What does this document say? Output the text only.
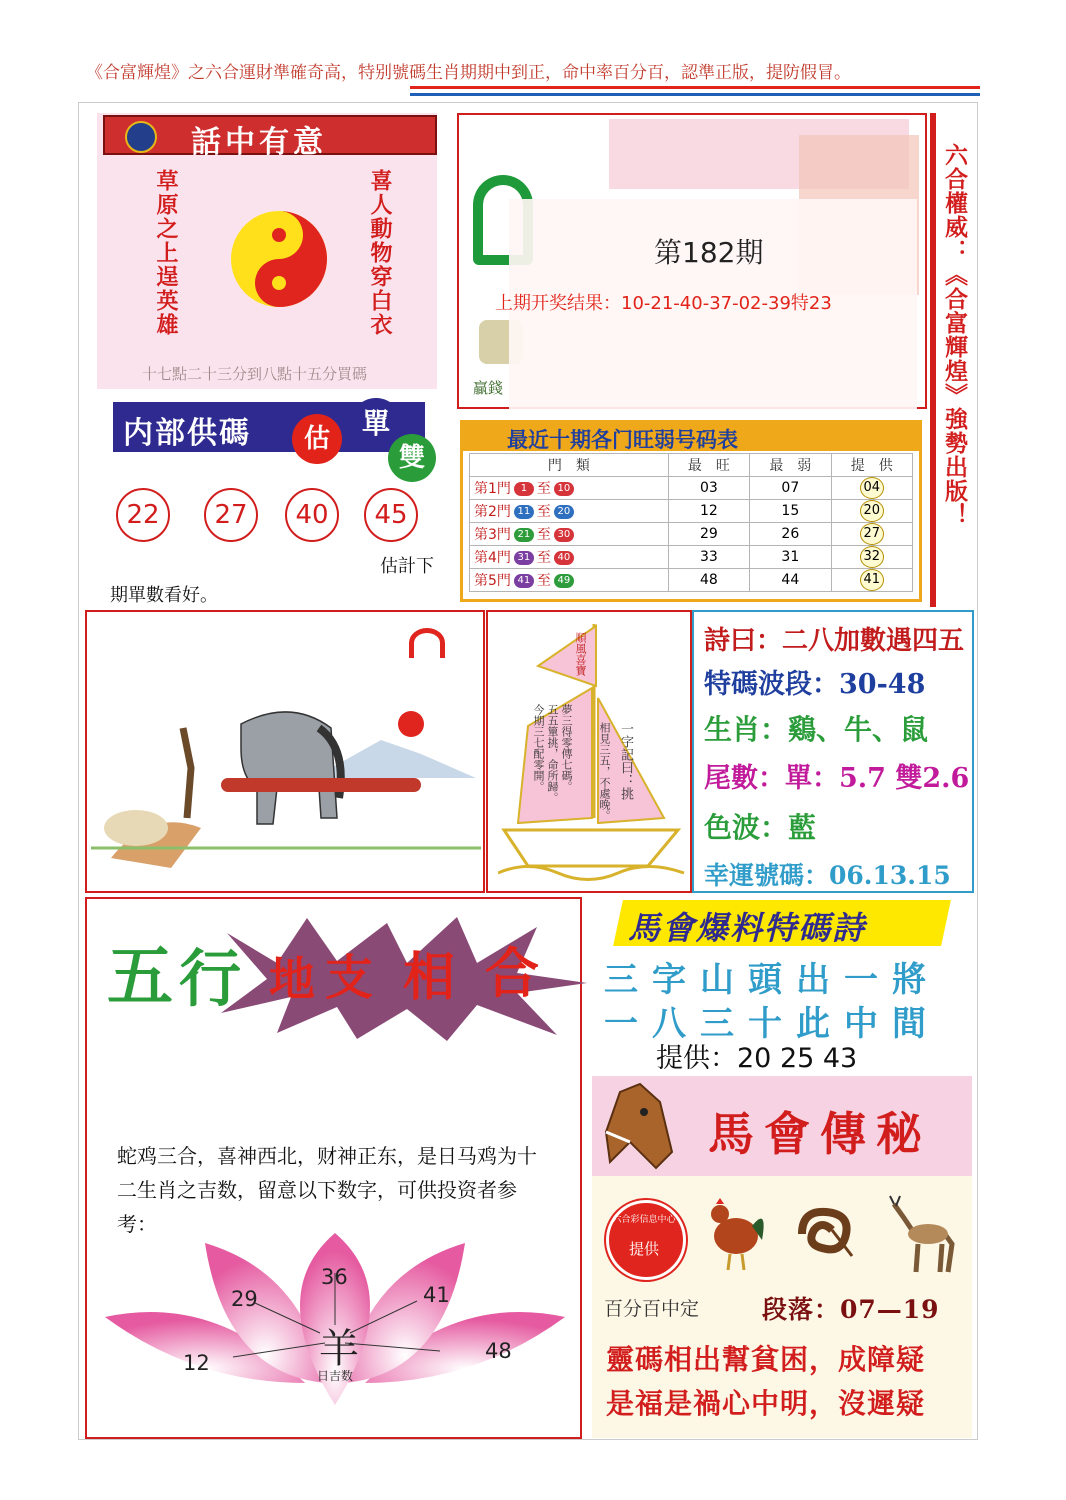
《合富輝煌》之六合運財準確奇高，特别號碼生肖期期中到正，命中率百分百，認準正版，提防假冒。
話中有意
喜人動物穿白衣
草原之上逞英雄
十七點二十三分到八點十五分買碼
贏錢
第182期
上期开奖结果：10-21-40-37-02-39特23	六合權威：《合富輝煌》強勢出版！
内部供碼	估	單
雙
22	27	40	45
估計下
期單數看好。
最近十期各门旺弱号码表
門　類	最　旺	最　弱	提　供
第1門 1 至 10	03	07	04
第2門 11 至 20	12	15	20
第3門 21 至 30	29	26	27
第4門 31 至 40	33	31	32
第5門 41 至 49	48	44	41
順風喜寶
一字記曰：挑
相見三五，不處晚。
夢三得零傳七碼。
五五簞挑，命所歸。
今期三七配零開。
詩曰：二八加數遇四五
特碼波段：30-48
生肖：鷄、牛、鼠
尾數：單：5.7 雙2.6
色波：藍
幸運號碼：06.13.15
五 行 地 支 相 合
蛇鸡三合，喜神西北，财神正东，是日马鸡为十二生肖之吉数，留意以下数字，可供投资者参考：
12
29
36
41
48
羊
日吉数
馬會爆料特碼詩
三字山頭出一將
一八三十此中間
提供：20 25 43
馬會傳秘
六合彩信息中心
提供
百分百中定	段落：07—19
靈碼相出幫貧困，成障疑
是福是禍心中明，沒遲疑
